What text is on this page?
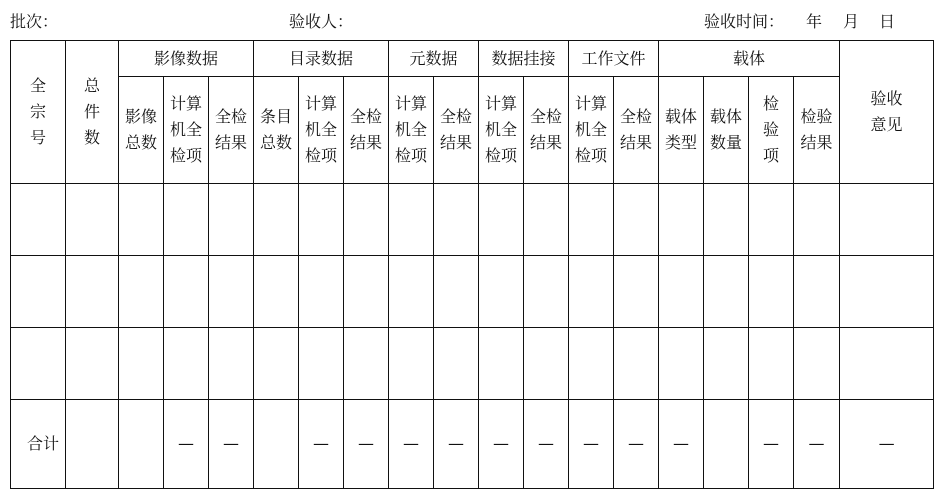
批次：	验收人：	验收时间： 年 月 日
全
宗
号	总
件
数	影像数据			目录数据			元数据		数据挂接		工作文件		载体				验收
意见
		影像
总数	计算
机全
检项	全检
结果	条目
总数	计算
机全
检项	全检
结果	计算
机全
检项	全检
结果	计算
机全
检项	全检
结果	计算
机全
检项	全检
结果	载体
类型	载体
数量	检
验
项	检验
结果	

合计			—	—		—	—	—	—	—	—	—	—	—		—	—	—
